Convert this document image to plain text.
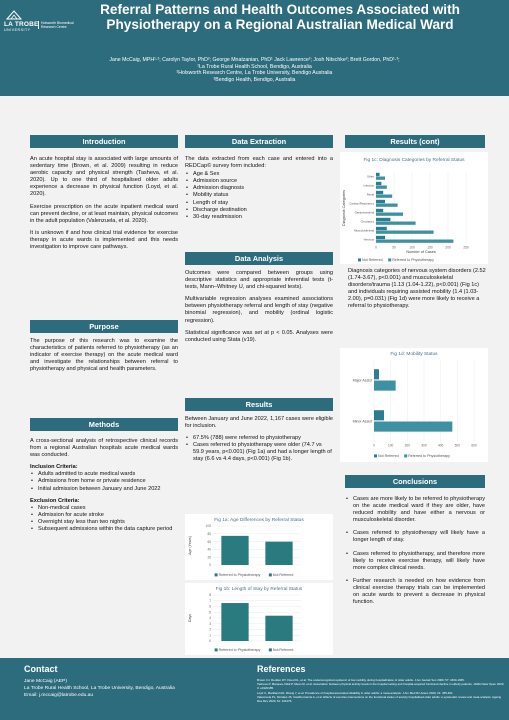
LA TROBE
UNIVERSITY
Holsworth Biomedical Research Centre
Referral Patterns and Health Outcomes Associated with Physiotherapy on a Regional Australian Medical Ward
Jane McCaig, MPH¹·²; Carolyn Taylor, PhD²; George Mnatzanian, PhD¹ Jack Lawrence²; Josh Nitschke²; Brett Gordon, PhD¹·³;
¹La Trobe Rural Health School, Bendigo, Australia
²Holsworth Research Centre, La Trobe University, Bendigo Australia
³Bendigo Health, Bendigo, Australia
Introduction

An acute hospital stay is associated with large amounts of sedentary time (Brown, et al. 2009) resulting in reduce aerobic capacity and physical strength (Tasheva, et al. 2020). Up to one third of hospitalised older adults experience a decrease in physical function (Loyd, et al. 2020).

Exercise prescription on the acute inpatient medical ward can prevent decline, or at least maintain, physical outcomes in the adult population (Valenzuela, et al. 2020).

It is unknown if and how clinical trial evidence for exercise therapy in acute wards is implemented and this needs investigation to improve care pathways.

Purpose

The purpose of this research was to examine the characteristics of patients referred to physiotherapy (as an indicator of exercise therapy) on the acute medical ward and investigate the relationships between referral to physiotherapy and physical and health parameters.

Methods

A cross-sectional analysis of retrospective clinical records from a regional Australian hospitals acute medical wards was conducted.

Inclusion Criteria:
• Adults admitted to acute medical wards
• Admissions from home or private residence
• Initial admission between January and June 2022
Exclusion Criteria:
• Non-medical cases
• Admission for acute stroke
• Overnight stay less than two nights
• Subsequent admissions within the data capture period
Data Extraction

The data extracted from each case and entered into a REDCap© survey form included:

• Age & Sex
• Admission source
• Admission diagnosis
• Mobility status
• Length of stay
• Discharge destination
• 30-day readmission
Data Analysis

Outcomes were compared between groups using descriptive statistics and appropriate inferential tests (t-tests, Mann–Whitney U, and chi-squared tests).

Multivariable regression analyses examined associations between physiotherapy referral and length of stay (negative binomial regression), and mobility (ordinal logistic regression).

Statistical significance was set at p < 0.05. Analyses were conducted using Stata (v19).

Results

Between January and June 2022, 1,167 cases were eligible for inclusion.

• 67.5% (788) were referred to physiotherapy
• Cases referred to physiotherapy were older (74.7 vs 59.9 years, p<0.001) (Fig 1a) and had a longer length of stay (6.6 vs 4.4 days, p<0.001) (Fig 1b).
Fig 1a: Age Differences by Referral Status
0
20
40
60
80
100
Age (Years)
Referred to Physiotherapy	Not Referred
Fig 1b: Length of Stay by Referral Status
0
1
2
3
4
5
6
7
8
Days
Referred to Physiotherapy	Not Referred
Results (cont)
Fig 1c: Diagnosis Categories by Referral Status
0	50	100	150	200	250
Number of Cases
Diagnosis Categories
Other
Infection
Renal
Cardiac/Respiratory
Gastrointestinal
Circulatory
Musculoskeletal
Nervous
Not Referred	Referred to Physiotherapy
Diagnosis categories of nervous system disorders (2.52 (1.74-3.67), p<0.001) and musculoskeletal disorders/trauma (1.13 (1.04-1.22), p<0.001) (Fig 1c) and individuals requiring assisted mobility (1.4 (1.03-2.00), p=0.031) (Fig 1d) were more likely to receive a referral to physiotherapy.
Fig 1d: Mobility Status
0	100	200	300	400	500	600
Major Assist
Minor Assist
Not Referred	Referred to Physiotherapy
Conclusions
• Cases are more likely to be referred to physiotherapy on the acute medical ward if they are older, have reduced mobility and have either a nervous or musculoskeletal disorder.
• Cases referred to physiotherapy will likely have a longer length of stay.
• Cases referred to physiotherapy, and therefore more likely to receive exercise therapy, will likely have more complex clinical needs.
• Further research is needed on how evidence from clinical exercise therapy trials can be implemented on acute wards to prevent a decrease in physical function.
Contact
Jane McCaig (AEP)
La Trobe Rural Health School, La Trobe University, Bendigo, Australia
Email: j.mccaig@latrobe.edu.au
References
Brown CJ, Redden DT, Flood KL, et al. The underrecognized epidemic of low mobility during hospitalization of older adults. J Am Geriatr Soc 2009; 57: 1660-1665.
Tasheva P, Marques-Vidal P, Mean M, et al. Association between physical activity levels in the hospital setting and hospital-acquired functional decline in elderly patients. JAMA Netw Open 2020; 3: e1920185.
Loyd C, Markland AD, Zhang Y, et al. Prevalence of hospital-associated disability in older adults: a meta-analysis. J Am Med Dir Assoc 2020; 21: 455-461.
Valenzuela PL, Morales JS, Castillo-Garcia A, et al. Effects of exercise interventions on the functional status of acutely hospitalised older adults: a systematic review and meta-analysis. Ageing Res Rev 2020; 61: 101076.
